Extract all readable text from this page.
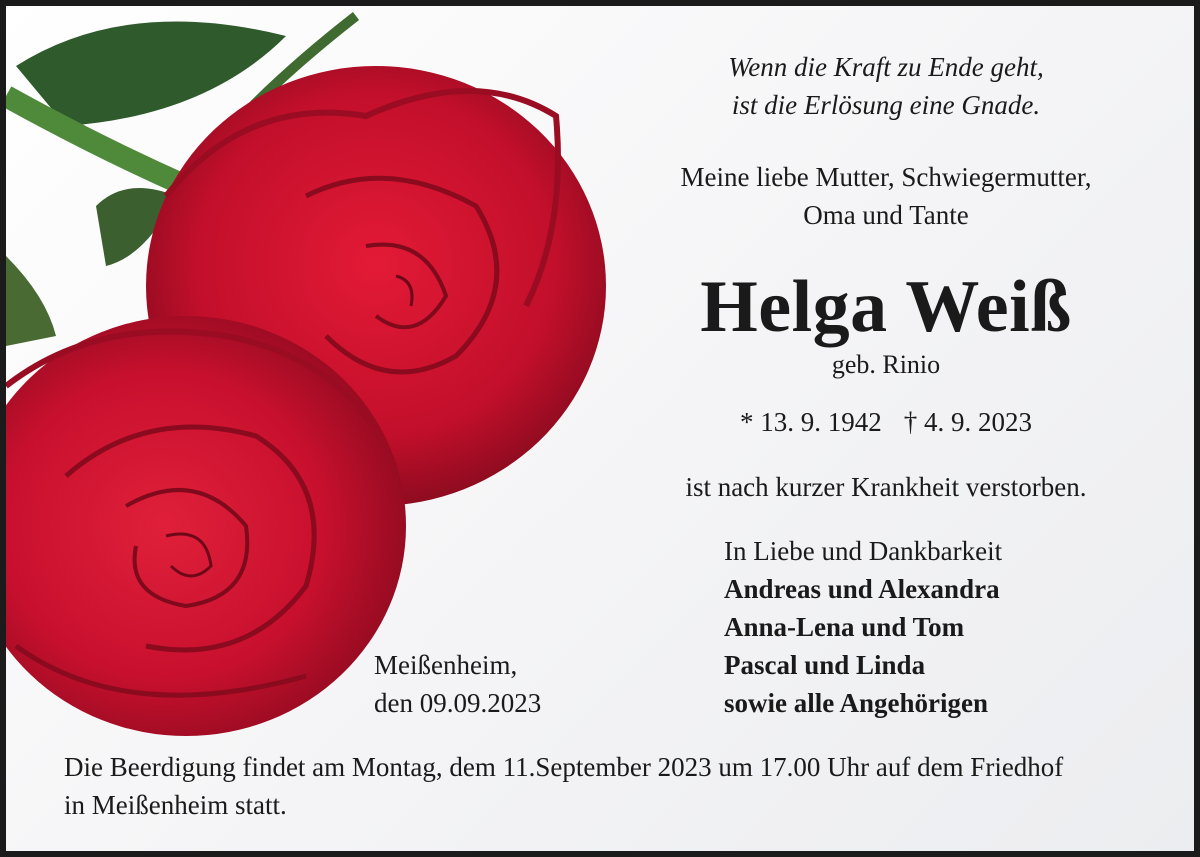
Wenn die Kraft zu Ende geht,
ist die Erlösung eine Gnade.

Meine liebe Mutter, Schwiegermutter,
Oma und Tante

Helga Weiß

geb. Rinio

* 13. 9. 1942 † 4. 9. 2023

ist nach kurzer Krankheit verstorben.

In Liebe und Dankbarkeit

Andreas und Alexandra
Anna-Lena und Tom
Pascal und Linda
sowie alle Angehörigen

Meißenheim,
den 09.09.2023

Die Beerdigung findet am Montag, dem 11.September 2023 um 17.00 Uhr auf dem Friedhof
in Meißenheim statt.
